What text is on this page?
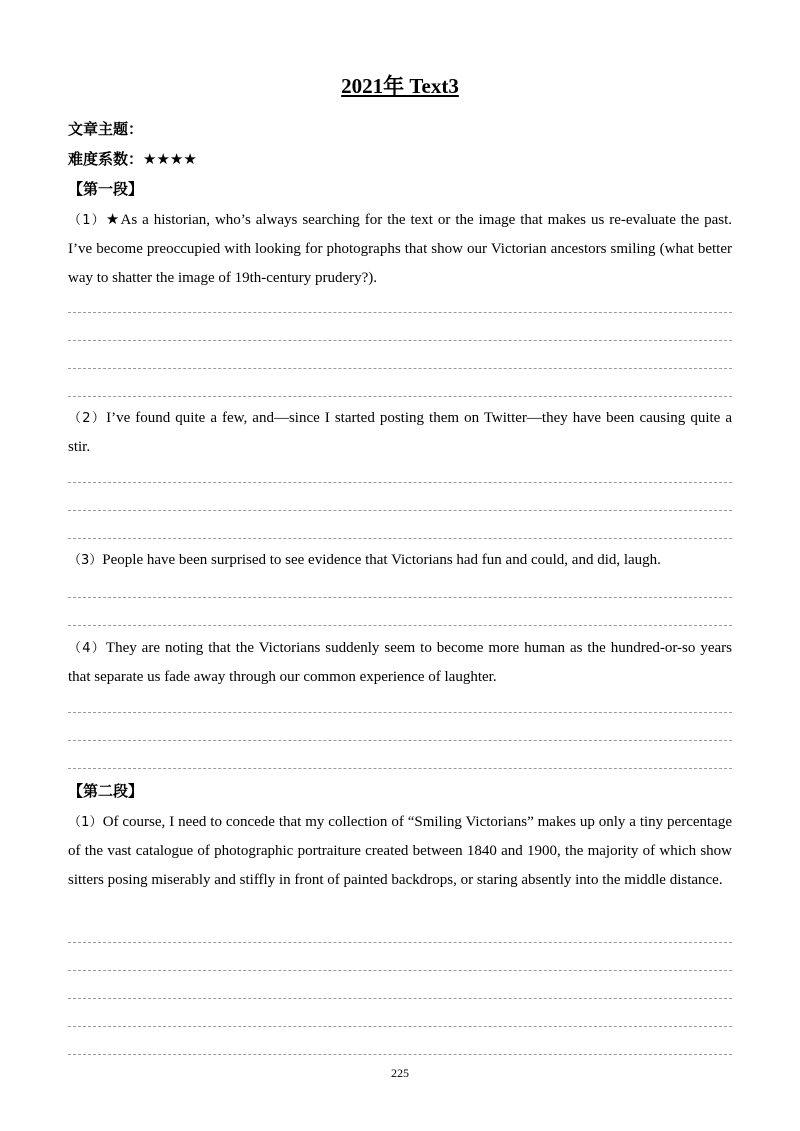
2021年 Text3
文章主题：
难度系数：★★★★
【第一段】
（1）★As a historian, who’s always searching for the text or the image that makes us re-evaluate the past. I’ve become preoccupied with looking for photographs that show our Victorian ancestors smiling (what better way to shatter the image of 19th-century prudery?).
（2）I’ve found quite a few, and—since I started posting them on Twitter—they have been causing quite a stir.
（3）People have been surprised to see evidence that Victorians had fun and could, and did, laugh.
（4）They are noting that the Victorians suddenly seem to become more human as the hundred-or-so years that separate us fade away through our common experience of laughter.
【第二段】
（1）Of course, I need to concede that my collection of “Smiling Victorians” makes up only a tiny percentage of the vast catalogue of photographic portraiture created between 1840 and 1900, the majority of which show sitters posing miserably and stiffly in front of painted backdrops, or staring absently into the middle distance.
225
